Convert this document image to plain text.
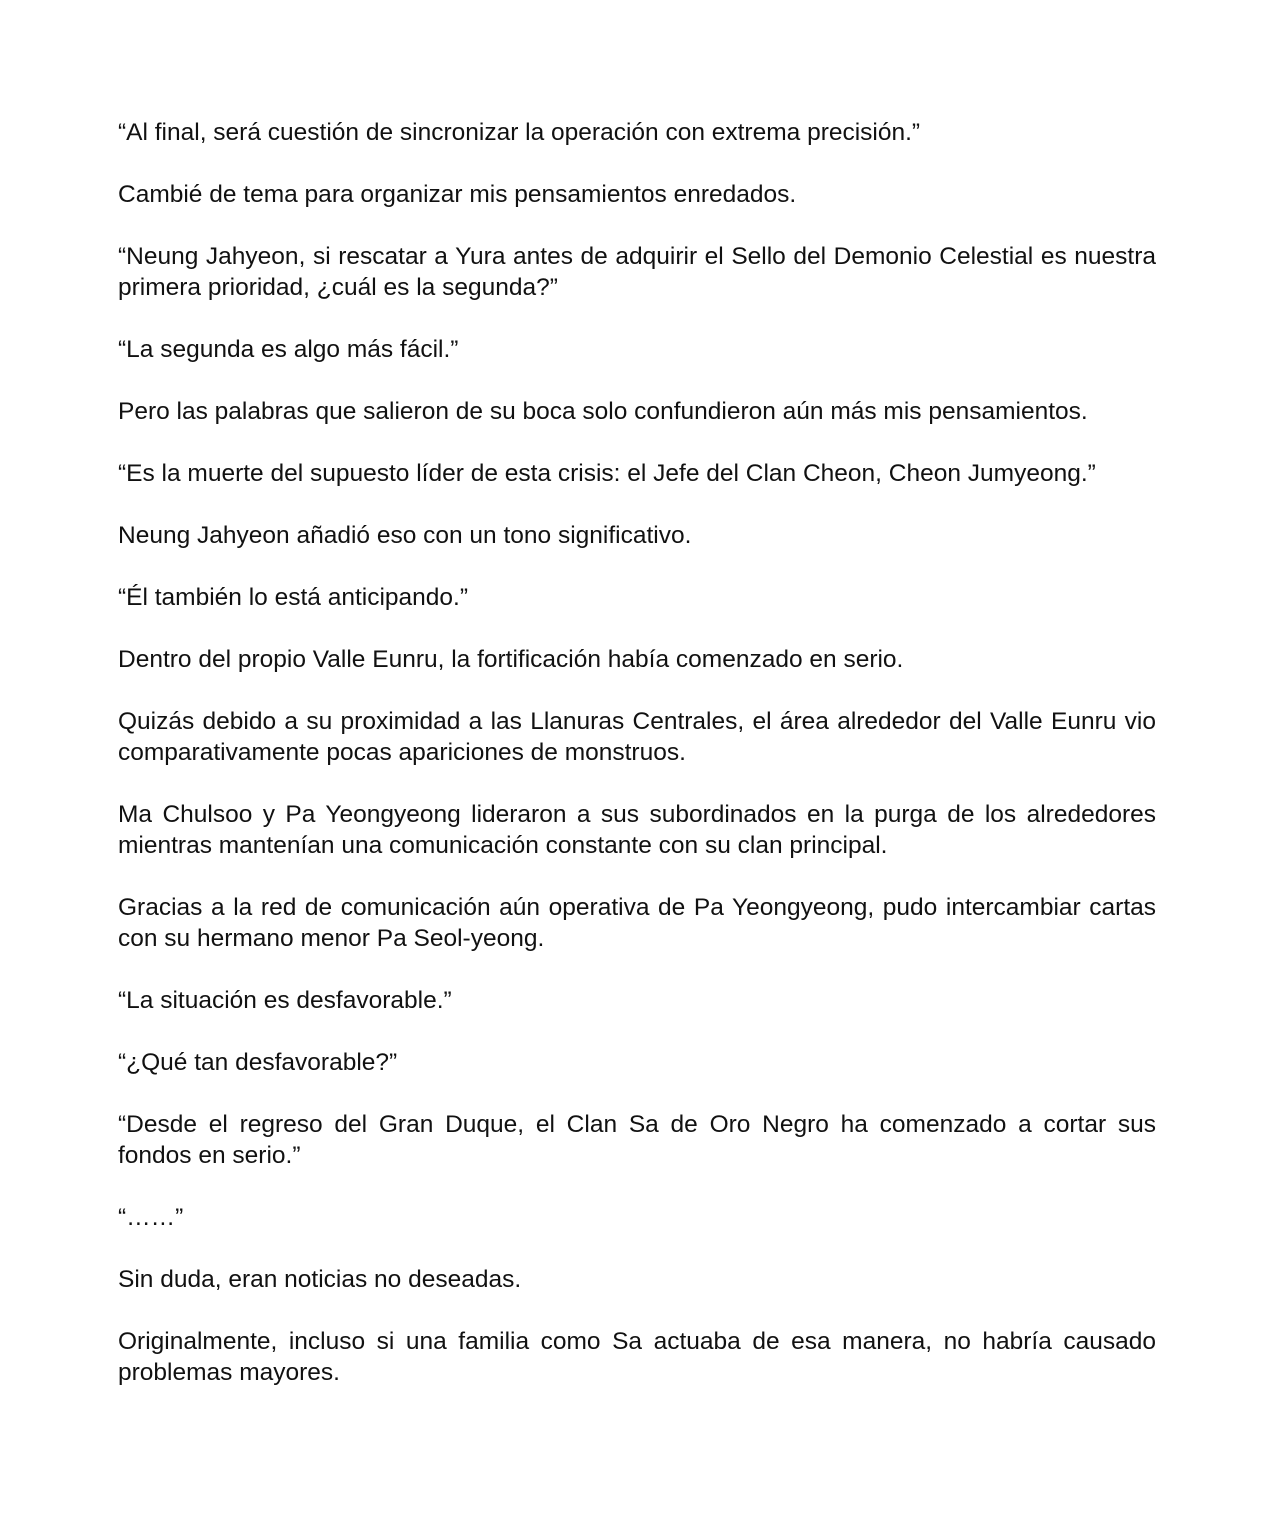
“Al final, será cuestión de sincronizar la operación con extrema precisión.”

Cambié de tema para organizar mis pensamientos enredados.

“Neung Jahyeon, si rescatar a Yura antes de adquirir el Sello del Demonio Celestial es nuestra primera prioridad, ¿cuál es la segunda?”

“La segunda es algo más fácil.”

Pero las palabras que salieron de su boca solo confundieron aún más mis pensamientos.

“Es la muerte del supuesto líder de esta crisis: el Jefe del Clan Cheon, Cheon Jumyeong.”

Neung Jahyeon añadió eso con un tono significativo.

“Él también lo está anticipando.”

Dentro del propio Valle Eunru, la fortificación había comenzado en serio.

Quizás debido a su proximidad a las Llanuras Centrales, el área alrededor del Valle Eunru vio comparativamente pocas apariciones de monstruos.

Ma Chulsoo y Pa Yeongyeong lideraron a sus subordinados en la purga de los alrededores mientras mantenían una comunicación constante con su clan principal.

Gracias a la red de comunicación aún operativa de Pa Yeongyeong, pudo intercambiar cartas con su hermano menor Pa Seol-yeong.

“La situación es desfavorable.”

“¿Qué tan desfavorable?”

“Desde el regreso del Gran Duque, el Clan Sa de Oro Negro ha comenzado a cortar sus fondos en serio.”

“……”

Sin duda, eran noticias no deseadas.

Originalmente, incluso si una familia como Sa actuaba de esa manera, no habría causado problemas mayores.
